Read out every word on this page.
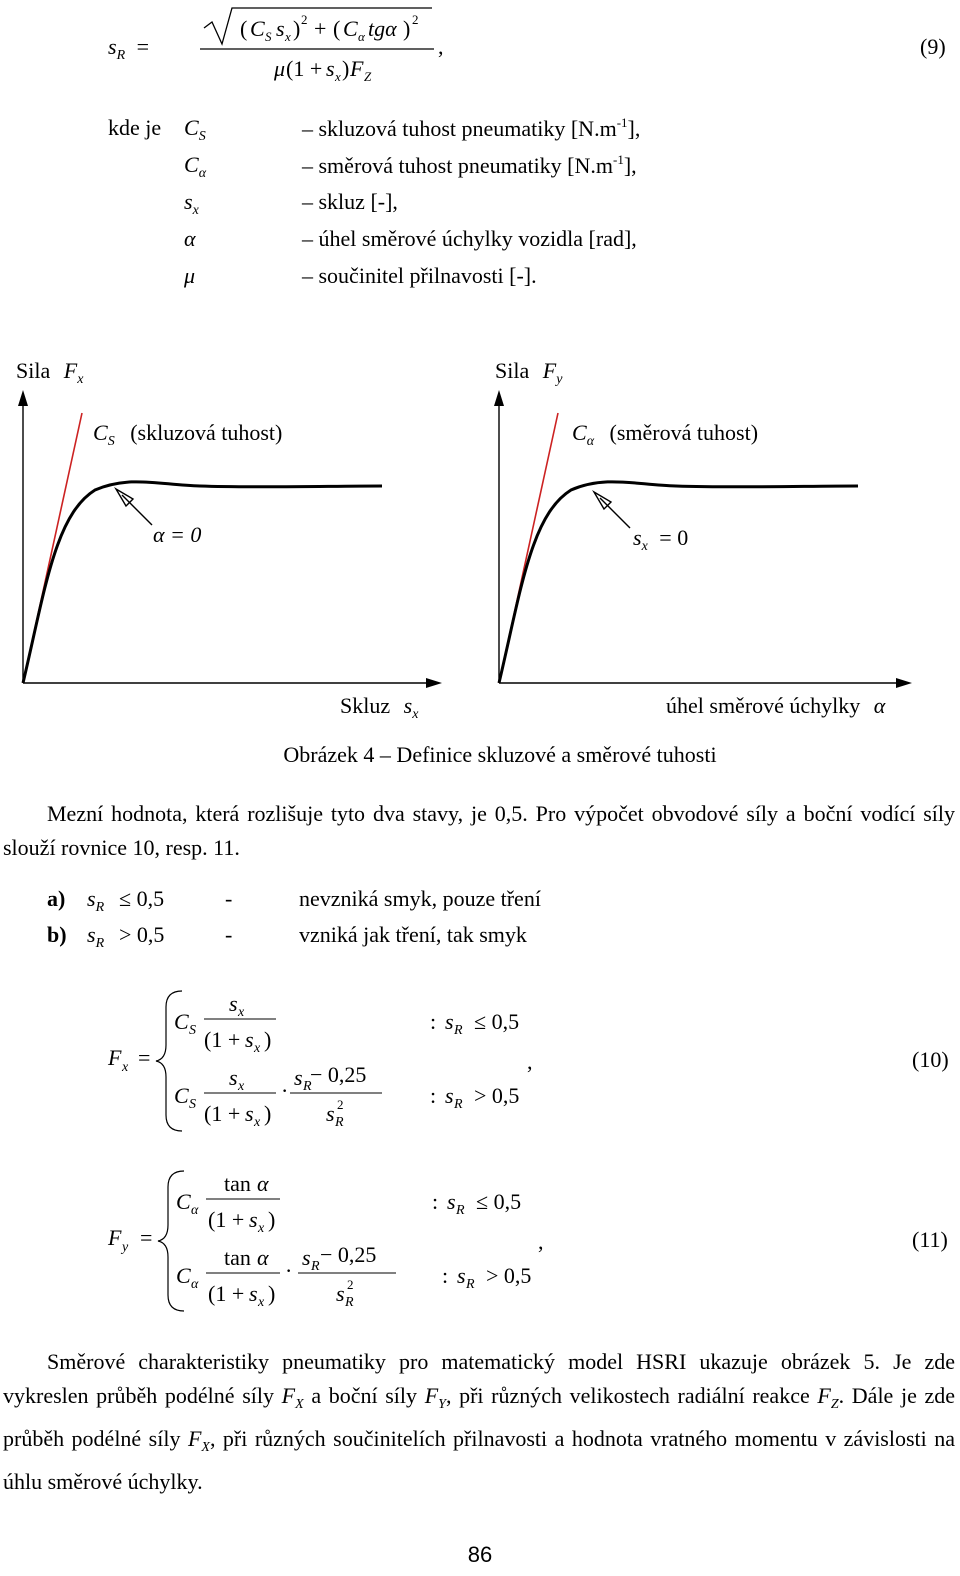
$s_R$ =
( C S s x ) 2 + ( C α tgα ) 2
μ (1 + s x ) F Z
,	(9)
kde je $C_S$	– skluzová tuhost pneumatiky $[N.m^{-1}]$,
$C_\alpha$	– směrová tuhost pneumatiky $[N.m^{-1}]$,
$s_x$	– skluz [-],
α	– úhel směrové úchylky vozidla [rad],
μ	– součinitel přilnavosti [-].
Sila $F_x$
$C_S$ (skluzová tuhost)
α = 0
Skluz $s_x$
Sila $F_y$
$C_\alpha$ (směrová tuhost)
$s_x = 0$
úhel směrové úchylky α
Obrázek 4 – Definice skluzové a směrové tuhosti

Mezní hodnota, která rozlišuje tyto dva stavy, je 0,5. Pro výpočet obvodové síly a boční vodící síly slouží rovnice 10, resp. 11.

a) $s_R \le 0,5$	-	nevzniká smyk, pouze tření
b) $s_R > 0,5$	-	vzniká jak tření, tak smyk
F x =
C S
s x
(1 + s x )
: s R
C S
s x
(1 + s x )
·
s R
s R
2	: s R
,
− 0,25
≤ 0,5
> 0,5
(10)
F y =
C α
tan α
(1 + s x )
: s R
C α
tan α
(1 + s x )
·
s R
s R
2	: s R
,
− 0,25
≤ 0,5
> 0,5
(11)

Směrové charakteristiky pneumatiky pro matematický model HSRI ukazuje obrázek 5. Je zde vykreslen průběh podélné síly $F_X$ a boční síly $F_Y$, při různých velikostech radiální reakce $F_Z$. Dále je zde průběh podélné síly $F_X$, při různých součinitelích přilnavosti a hodnota vratného momentu v závislosti na úhlu směrové úchylky.

86
